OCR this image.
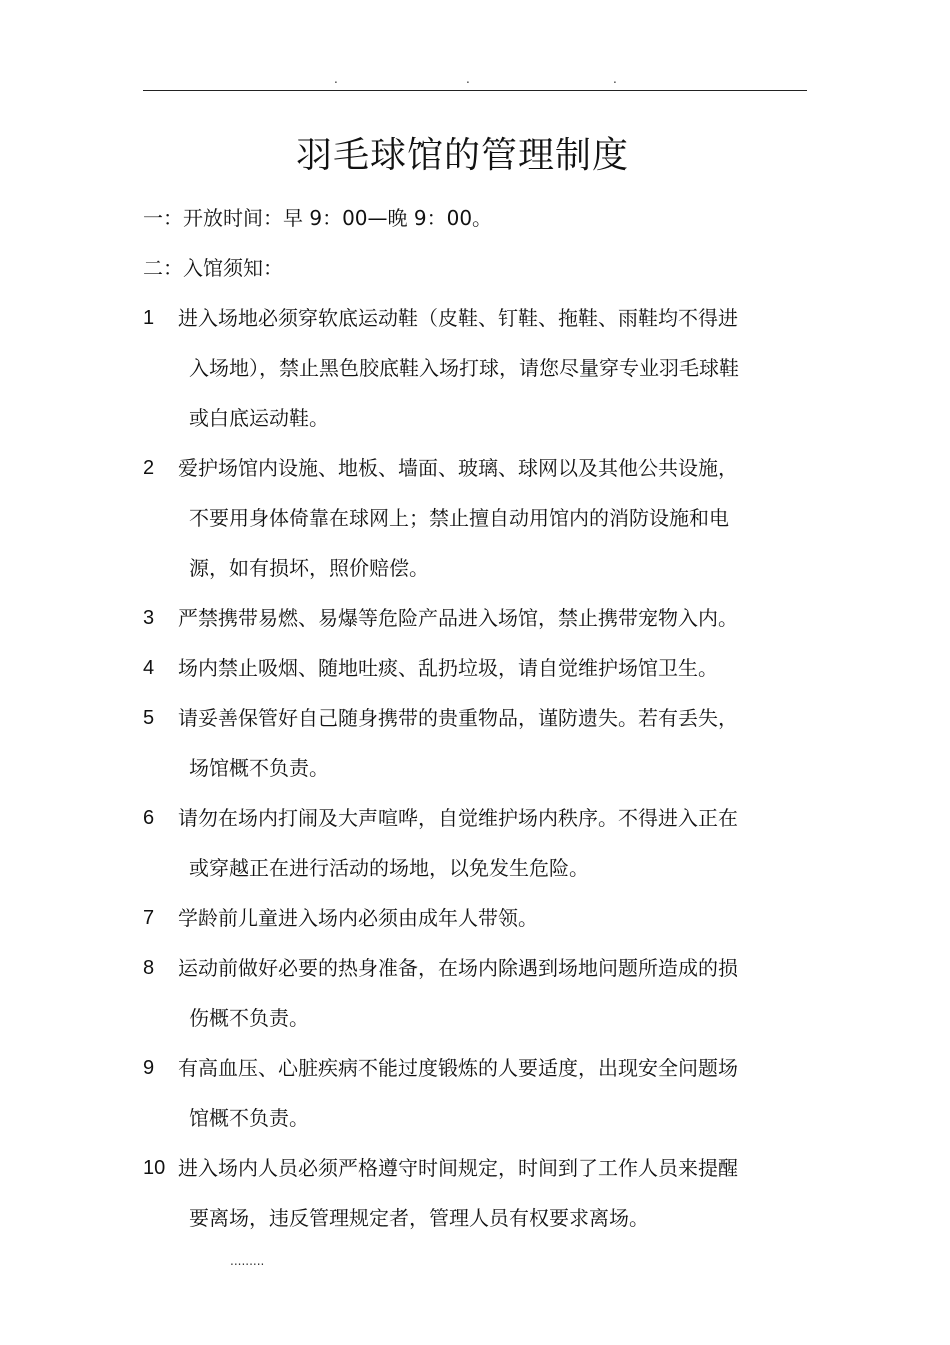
.	.	.
羽毛球馆的管理制度
一：开放时间：早 9：00—晚 9：00。
二：入馆须知：
1	进入场地必须穿软底运动鞋（皮鞋、钉鞋、拖鞋、雨鞋均不得进
入场地），禁止黑色胶底鞋入场打球，请您尽量穿专业羽毛球鞋
或白底运动鞋。
2	爱护场馆内设施、地板、墙面、玻璃、球网以及其他公共设施，
不要用身体倚靠在球网上；禁止擅自动用馆内的消防设施和电
源，如有损坏，照价赔偿。
3	严禁携带易燃、易爆等危险产品进入场馆，禁止携带宠物入内。
4	场内禁止吸烟、随地吐痰、乱扔垃圾，请自觉维护场馆卫生。
5	请妥善保管好自己随身携带的贵重物品，谨防遗失。若有丢失，
场馆概不负责。
6	请勿在场内打闹及大声喧哗，自觉维护场内秩序。不得进入正在
或穿越正在进行活动的场地，以免发生危险。
7	学龄前儿童进入场内必须由成年人带领。
8	运动前做好必要的热身准备，在场内除遇到场地问题所造成的损
伤概不负责。
9	有高血压、心脏疾病不能过度锻炼的人要适度，出现安全问题场
馆概不负责。
10 进入场内人员必须严格遵守时间规定，时间到了工作人员来提醒
要离场，违反管理规定者，管理人员有权要求离场。
.........
